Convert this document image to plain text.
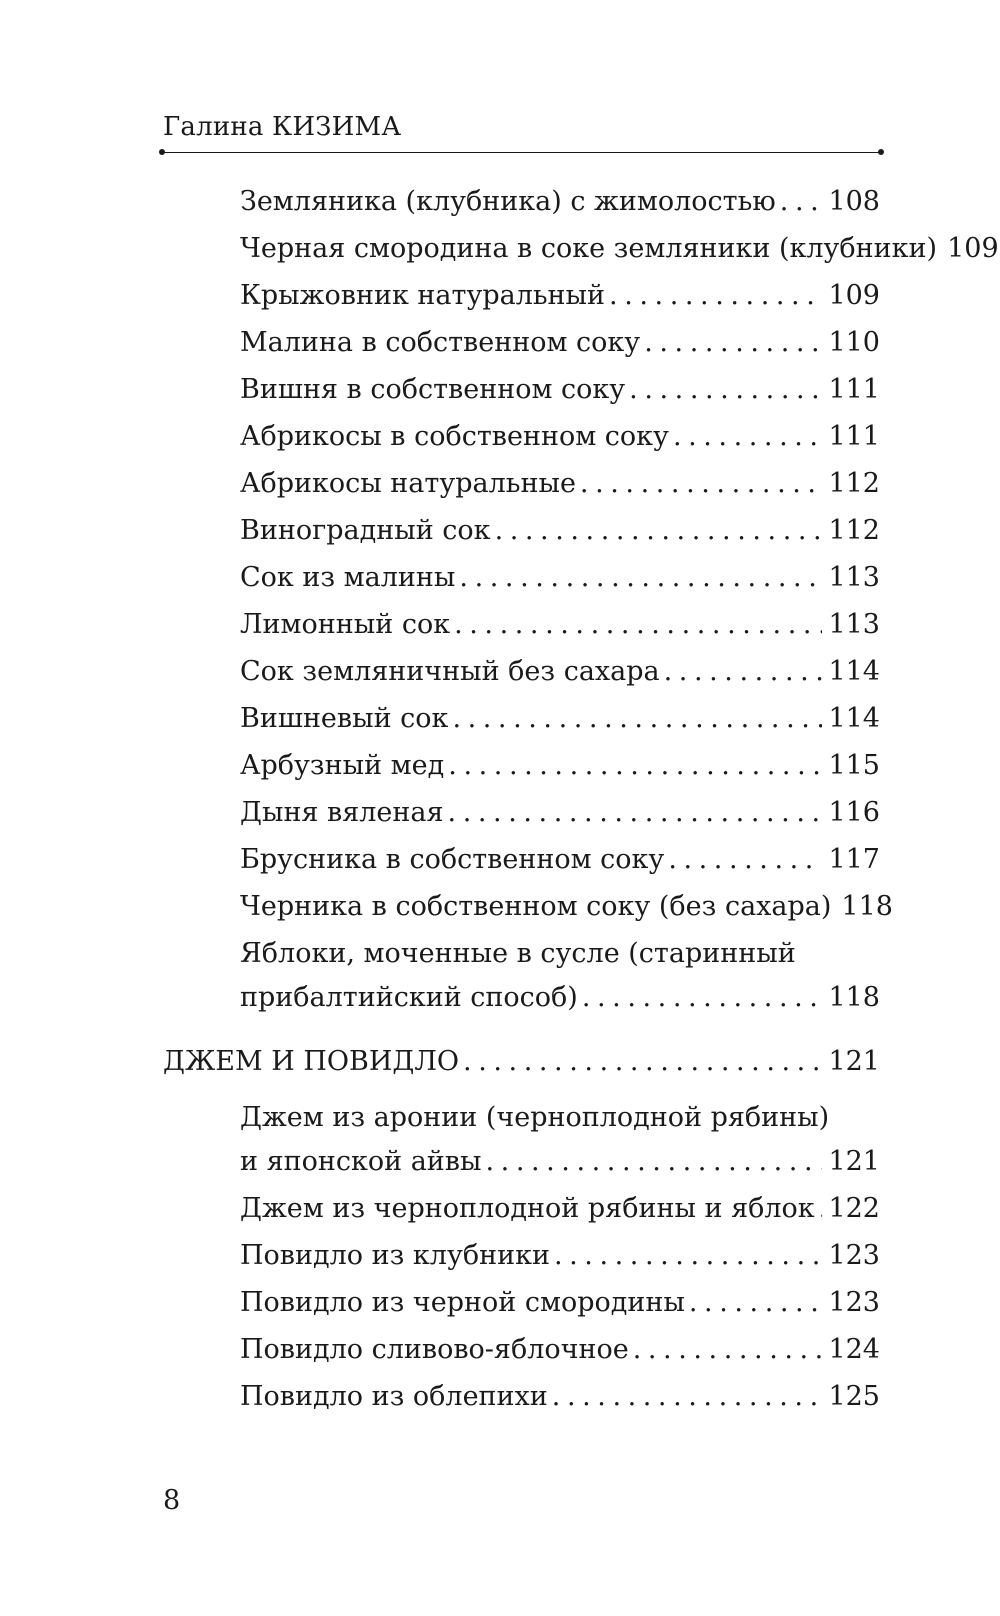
Галина КИЗИМА
Земляника (клубника) с жимолостью . . . 108
Черная смородина в соке земляники (клубники) 109
Крыжовник натуральный . . .	109
Малина в собственном соку . . .	110
Вишня в собственном соку . . .	111
Абрикосы в собственном соку . . .	111
Абрикосы натуральные . . .	112
Виноградный сок . . .	112
Сок из малины . . .	113
Лимонный сок . . .	113
Сок земляничный без сахара . . .	114
Вишневый сок . . .	114
Арбузный мед . . .	115
Дыня вяленая . . .	116
Брусника в собственном соку . . .	117
Черника в собственном соку (без сахара) 118
Яблоки, моченные в сусле (старинный
прибалтийский способ) . . .	118
ДЖЕМ И ПОВИДЛО . . .	121
Джем из аронии (черноплодной рябины)
и японской айвы . . .	121
Джем из черноплодной рябины и яблок . . . 122
Повидло из клубники . . .	123
Повидло из черной смородины . . .	123
Повидло сливово-яблочное . . .	124
Повидло из облепихи . . .	125
8
